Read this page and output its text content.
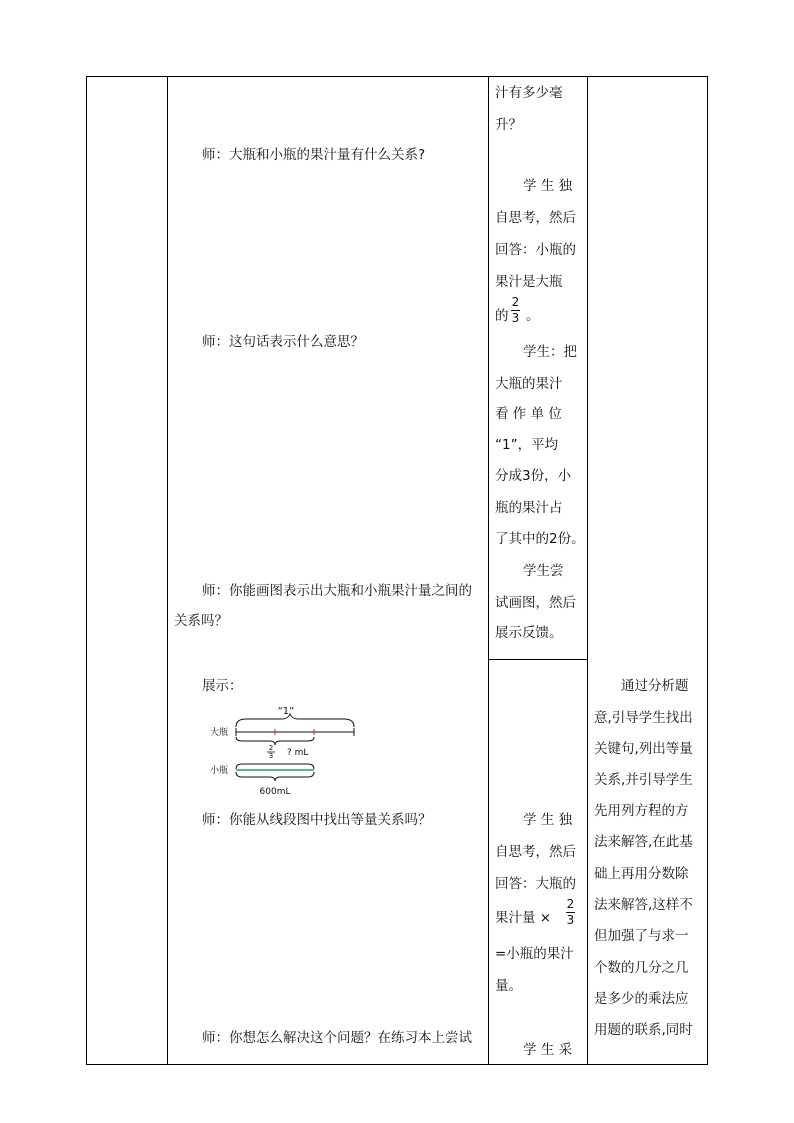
师：大瓶和小瓶的果汁量有什么关系?
师：这句话表示什么意思？
师：你能画图表示出大瓶和小瓶果汁量之间的
关系吗？
展示：
“1”
大瓶
2
3 ? mL
小瓶
600mL
师：你能从线段图中找出等量关系吗？
师：你想怎么解决这个问题？在练习本上尝试
汁有多少毫
升？
学 生 独
自思考，然后
回答：小瓶的
果汁是大瓶
的
2
3 。
学生：把
大瓶的果汁
看 作 单 位
“1”，平均
分成3份，小
瓶的果汁占
了其中的2份。
学生尝
试画图，然后
展示反馈。
学 生 独
自思考，然后
回答：大瓶的
果汁量 ×
2
3
=小瓶的果汁
量。
学 生 采
通过分析题
意,引导学生找出
关键句,列出等量
关系,并引导学生
先用列方程的方
法来解答,在此基
础上再用分数除
法来解答,这样不
但加强了与求一
个数的几分之几
是多少的乘法应
用题的联系,同时
